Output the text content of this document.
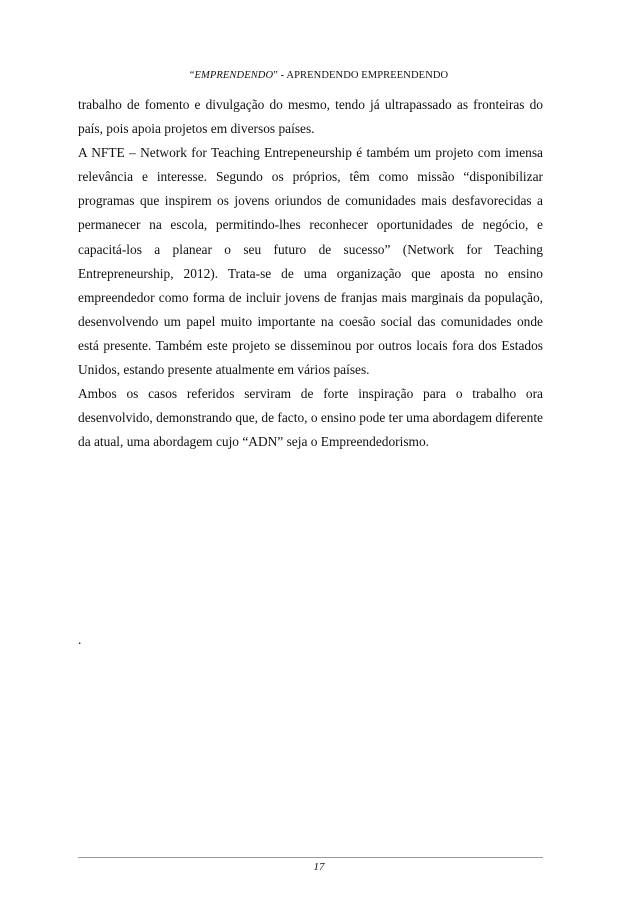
“EMPRENDENDO” - APRENDENDO EMPREENDENDO

trabalho de fomento e divulgação do mesmo, tendo já ultrapassado as fronteiras do país, pois apoia projetos em diversos países.

A NFTE – Network for Teaching Entrepeneurship é também um projeto com imensa relevância e interesse. Segundo os próprios, têm como missão “disponibilizar programas que inspirem os jovens oriundos de comunidades mais desfavorecidas a permanecer na escola, permitindo-lhes reconhecer oportunidades de negócio, e capacitá-los a planear o seu futuro de sucesso” (Network for Teaching Entrepreneurship, 2012). Trata-se de uma organização que aposta no ensino empreendedor como forma de incluir jovens de franjas mais marginais da população, desenvolvendo um papel muito importante na coesão social das comunidades onde está presente. Também este projeto se disseminou por outros locais fora dos Estados Unidos, estando presente atualmente em vários países.

Ambos os casos referidos serviram de forte inspiração para o trabalho ora desenvolvido, demonstrando que, de facto, o ensino pode ter uma abordagem diferente da atual, uma abordagem cujo “ADN” seja o Empreendedorismo.

.
17
